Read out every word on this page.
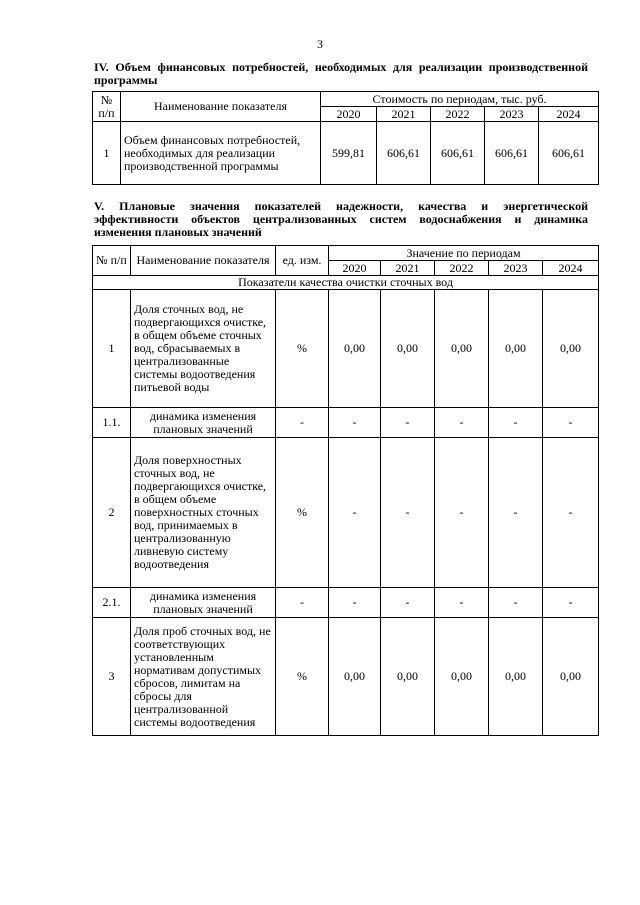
3
IV. Объем финансовых потребностей, необходимых для реализации производственной программы
№ п/п	Наименование показателя	Стоимость по периодам, тыс. руб.				
		2020	2021	2022	2023	2024
1	Объем финансовых потребностей, необходимых для реализации производственной программы	599,81	606,61	606,61	606,61	606,61
V. Плановые значения показателей надежности, качества и энергетической эффективности объектов централизованных систем водоснабжения и динамика изменения плановых значений
№ п/п	Наименование показателя	ед. изм.	Значение по периодам				
			2020	2021	2022	2023	2024
Показатели качества очистки сточных вод							
1	Доля сточных вод, не подвергающихся очистке, в общем объеме сточных вод, сбрасываемых в централизованные системы водоотведения питьевой воды	%	0,00	0,00	0,00	0,00	0,00
1.1.	динамика изменения плановых значений	-	-	-	-	-	-
2	Доля поверхностных сточных вод, не подвергающихся очистке, в общем объеме поверхностных сточных вод, принимаемых в централизованную ливневую систему водоотведения	%	-	-	-	-	-
2.1.	динамика изменения плановых значений	-	-	-	-	-	-
3	Доля проб сточных вод, не соответствующих установленным нормативам допустимых сбросов, лимитам на сбросы для централизованной системы водоотведения	%	0,00	0,00	0,00	0,00	0,00
